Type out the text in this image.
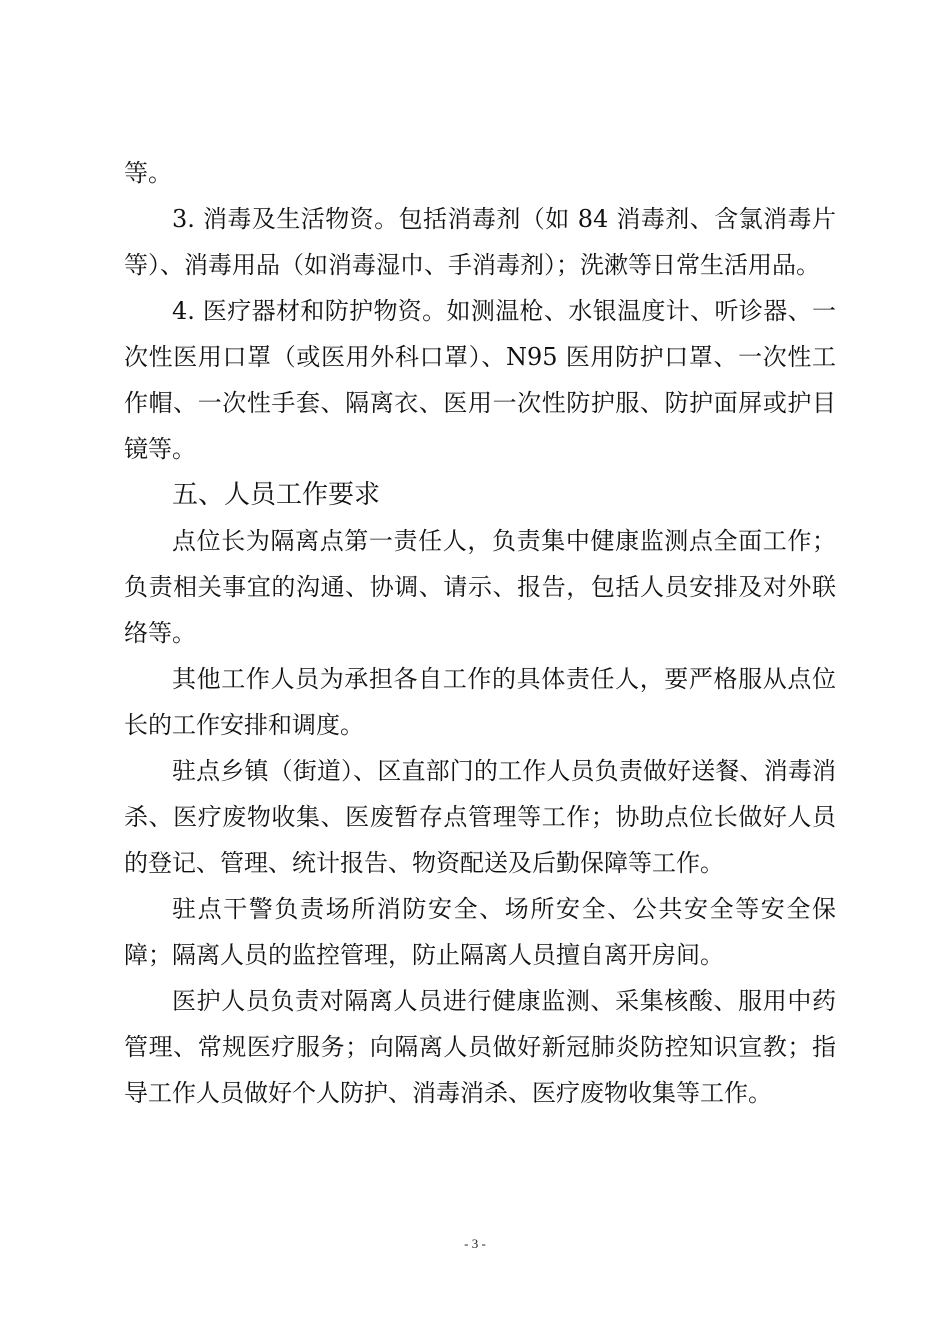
等。

3. 消毒及生活物资。包括消毒剂（如 84 消毒剂、含氯消毒片等）、消毒用品（如消毒湿巾、手消毒剂）；洗漱等日常生活用品。

4. 医疗器材和防护物资。如测温枪、水银温度计、听诊器、一次性医用口罩（或医用外科口罩）、N95 医用防护口罩、一次性工作帽、一次性手套、隔离衣、医用一次性防护服、防护面屏或护目镜等。

五、人员工作要求

点位长为隔离点第一责任人，负责集中健康监测点全面工作；负责相关事宜的沟通、协调、请示、报告，包括人员安排及对外联络等。

其他工作人员为承担各自工作的具体责任人，要严格服从点位长的工作安排和调度。

驻点乡镇（街道）、区直部门的工作人员负责做好送餐、消毒消杀、医疗废物收集、医废暂存点管理等工作；协助点位长做好人员的登记、管理、统计报告、物资配送及后勤保障等工作。

驻点干警负责场所消防安全、场所安全、公共安全等安全保障；隔离人员的监控管理，防止隔离人员擅自离开房间。

医护人员负责对隔离人员进行健康监测、采集核酸、服用中药管理、常规医疗服务；向隔离人员做好新冠肺炎防控知识宣教；指导工作人员做好个人防护、消毒消杀、医疗废物收集等工作。

- 3 -
